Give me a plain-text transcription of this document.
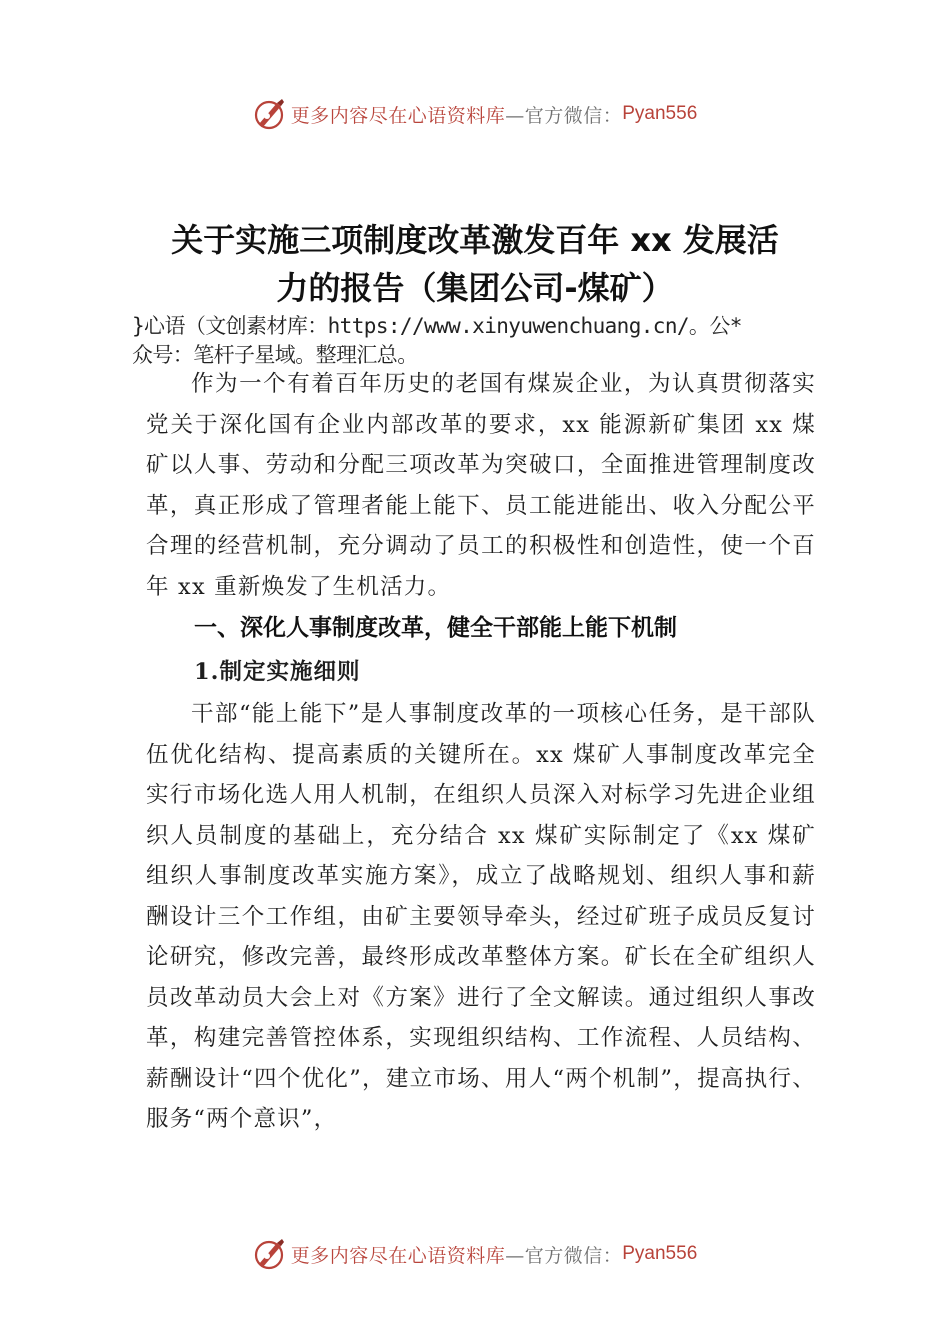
更多内容尽在心语资料库 —官方微信： Pyan556
关于实施三项制度改革激发百年 xx 发展活
力的报告（集团公司-煤矿）

}心语（文创素材库：https://www.xinyuwenchuang.cn/。公*
众号：笔杆子星域。整理汇总。

作为一个有着百年历史的老国有煤炭企业，为认真贯彻落实党关于深化国有企业内部改革的要求，xx 能源新矿集团 xx 煤矿以人事、劳动和分配三项改革为突破口，全面推进管理制度改革，真正形成了管理者能上能下、员工能进能出、收入分配公平合理的经营机制，充分调动了员工的积极性和创造性，使一个百年 xx 重新焕发了生机活力。

一、深化人事制度改革，健全干部能上能下机制
1.制定实施细则

干部“能上能下”是人事制度改革的一项核心任务，是干部队伍优化结构、提高素质的关键所在。xx 煤矿人事制度改革完全实行市场化选人用人机制，在组织人员深入对标学习先进企业组织人员制度的基础上，充分结合 xx 煤矿实际制定了《xx 煤矿组织人事制度改革实施方案》，成立了战略规划、组织人事和薪酬设计三个工作组，由矿主要领导牵头，经过矿班子成员反复讨论研究，修改完善，最终形成改革整体方案。矿长在全矿组织人员改革动员大会上对《方案》进行了全文解读。通过组织人事改革，构建完善管控体系，实现组织结构、工作流程、人员结构、薪酬设计“四个优化”，建立市场、用人“两个机制”，提高执行、服务“两个意识”，

更多内容尽在心语资料库 —官方微信： Pyan556
